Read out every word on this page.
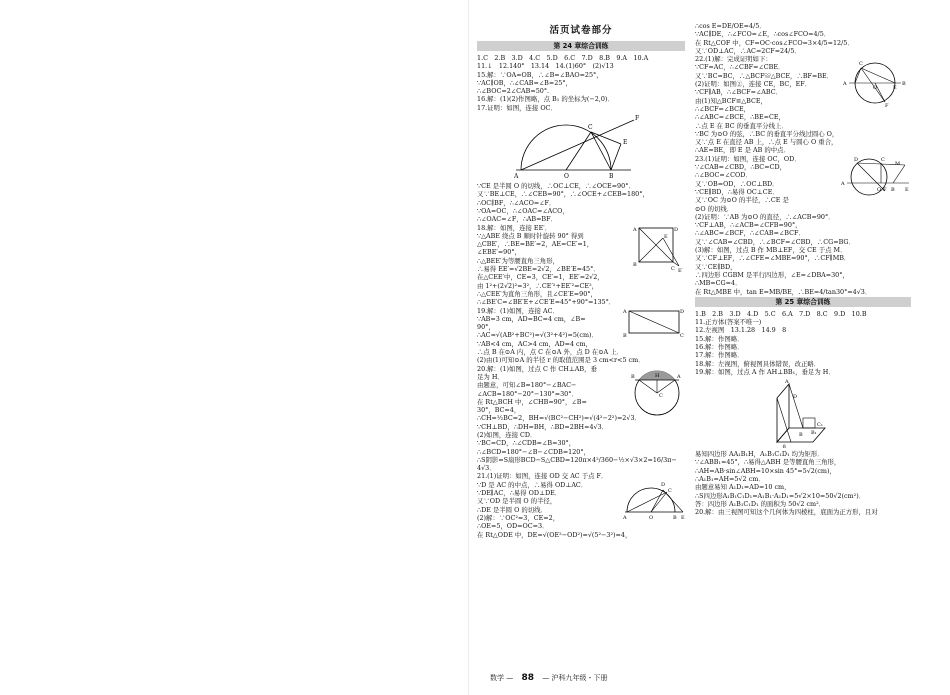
活页试卷部分
第 24 章综合训练
1.C　2.B　3.D　4.C　5.D　6.C　7.D　8.B　9.A　10.A
11.↓　12.140°　13.14　14.(1)60°　(2)√13
15.解：∵OA=OB，∴∠B=∠BAO=25°，
∵AC∥OB，∴∠CAB=∠B=25°，
∴∠BOC=2∠CAB=50°.
16.解：(1)(2)作图略，点 B₁ 的坐标为(−2,0)．
17.证明：如图，连接 OC．
A	O	B
C
E
F
∵CE 是半圆 O 的切线，∴OC⊥CE，∴∠OCE=90°．
又∵BE⊥CE，∴∠CEB=90°，∴∠OCE+∠CEB=180°，
∴OC∥BF，∴∠ACO=∠F．
∵OA=OC，∴∠OAC=∠ACO，
∴∠OAC=∠F，∴AB=BF．
A
B
D
C
E
E′
18.解：如图，连接 EE′．
∵△ABE 绕点 B 顺时针旋转 90° 得到
△CBE′，∴BE=BE′=2，AE=CE′=1，
∠EBE′=90°，
∴△BEE′为等腰直角三角形，
∴易得 EE′=√2BE=2√2，∠BE′E=45°．
在△CEE′中，CE=3，CE′=1，EE′=2√2，
由 1²+(2√2)²=3²，∴CE′²+EE′²=CE²，
∴△CEE′为直角三角形，且∠CE′E=90°，
∴∠BE′C=∠BE′E+∠CE′E=45°+90°=135°．
A	D
B	C
19.解：(1)如图，连接 AC．
∵AB=3 cm，AD=BC=4 cm，∠B=
90°，
∴AC=√(AB²+BC²)=√(3²+4²)=5(cm)．
∵AB<4 cm，AC>4 cm，AD=4 cm，
∴点 B 在⊙A 内，点 C 在⊙A 外，点 D 在⊙A 上．
(2)由(1)可知⊙A 的半径 r 的取值范围是 3 cm<r<5 cm．
B	A
H
C
20.解：(1)如图，过点 C 作 CH⊥AB，垂
足为 H．
由题意，可知∠B=180°−∠BAC−
∠ACB=180°−20°−130°=30°．
在 Rt△BCH 中，∠CHB=90°，∠B=
30°，BC=4，
∴CH=½BC=2，BH=√(BC²−CH²)=√(4²−2²)=2√3．
∵CH⊥BD，∴DH=BH，∴BD=2BH=4√3．
(2)如图，连接 CD．
∵BC=CD，∴∠CDB=∠B=30°，
∴∠BCD=180°−∠B−∠CDB=120°，
∴S阴影=S扇形BCD−S△CBD=120π×4²/360−½×√3×2=16/3π−
4√3．
A	O	B E
D
C
21.(1)证明：如图，连接 OD 交 AC 于点 F．
∵D 是 AC 的中点，∴易得 OD⊥AC．
∵DE∥AC，∴易得 OD⊥DE．
又∵OD 是半圆 O 的半径，
∴DE 是半圆 O 的切线．
(2)解：∵OC²=3，CE=2，
∴OE=5，OD=OC=3．
在 Rt△ODE 中，DE=√(OE²−OD²)=√(5²−3²)=4，
∴cos E=DE/OE=4/5．
∵AC∥DE，∴∠FCO=∠E，∴cos∠FCO=4/5．
在 Rt△COF 中，CF=OC·cos∠FCO=3×4/5=12/5．
又∵OD⊥AC，∴AC=2CF=24/5．
A	B
C
F
O	E
22.(1)解：完成证明如下：
∵CF=AC，∴∠CBF=∠CBE．
又∵BC=BC，∴△BCF≌△BCE，∴BF=BE．
(2)证明：如图②，连接 CE，BC，EF．
∵CF∥AB，∴∠BCF=∠ABC．
由(1)知△BCF≌△BCE，
∴∠BCF=∠BCE，
∴∠ABC=∠BCE，∴BE=CE，
∴点 E 在 BC 的垂直平分线上．
∵BC 为⊙O 的弦，∴BC 的垂直平分线过圆心 O，
又∵点 E 在直径 AB 上，∴点 E 与圆心 O 重合，
∴AE=BE，即 E 是 AB 的中点．
A
D	C
M
O F B E
23.(1)证明：如图，连接 OC，OD．
∵∠CAB=∠CBD，∴BC=CD，
∴∠BOC=∠COD．
又∵OB=OD，∴OC⊥BD．
∵CE∥BD，∴易得 OC⊥CE．
又∵OC 为⊙O 的半径，∴CE 是
⊙O 的切线．
(2)证明：∵AB 为⊙O 的直径，∴∠ACB=90°．
∵CF⊥AB，∴∠ACB=∠CFB=90°，
∴∠ABC=∠BCF，∴∠CAB=∠BCF．
又∵∠CAB=∠CBD，∴∠BCF=∠CBD，∴CG=BG．
(3)解：如图，过点 B 作 MB⊥EF，交 CE 于点 M．
又∵CF⊥EF，∴∠CFE=∠MBE=90°，∴CF∥MB．
又∵CE∥BD，
∴四边形 CGBM 是平行四边形，∠E=∠DBA=30°，
∴MB=CG=4．
在 Rt△MBE 中，tan E=MB/BE，∴BE=4/tan30°=4√3．
第 25 章综合训练
1.B　2.B　3.D　4.D　5.C　6.A　7.D　8.C　9.D　10.B
11.正方体(答案不唯一)
12.左视图　13.1.28　14.9　8
15.解：作图略．
16.解：作图略．
17.解：作图略．
18.解：左视图，俯视图具体错误，改正略．
19.解：如图，过点 A 作 AH⊥BB₁，垂足为 H．
A
D
B
C₁
β
B₁
易知四边形 AA₁B₁H，A₁B₁C₁D₁ 均为矩形．
∵∠ABB₁=45°，∴易得△ABH 是等腰直角三角形，
∴AH=AB·sin∠ABH=10×sin 45°=5√2(cm)，
∴A₁B₁=AH=5√2 cm．
由题意易知 A₁D₁=AD=10 cm，
∴S四边形A₁B₁C₁D₁=A₁B₁·A₁D₁=5√2×10=50√2(cm²)．
答：四边形 A₁B₁C₁D₁ 的面积为 50√2 cm²．
20.解：由三视图可知这个几何体为四棱柱，底面为正方形，且对
数学 — 88 — 沪科九年级・下册
